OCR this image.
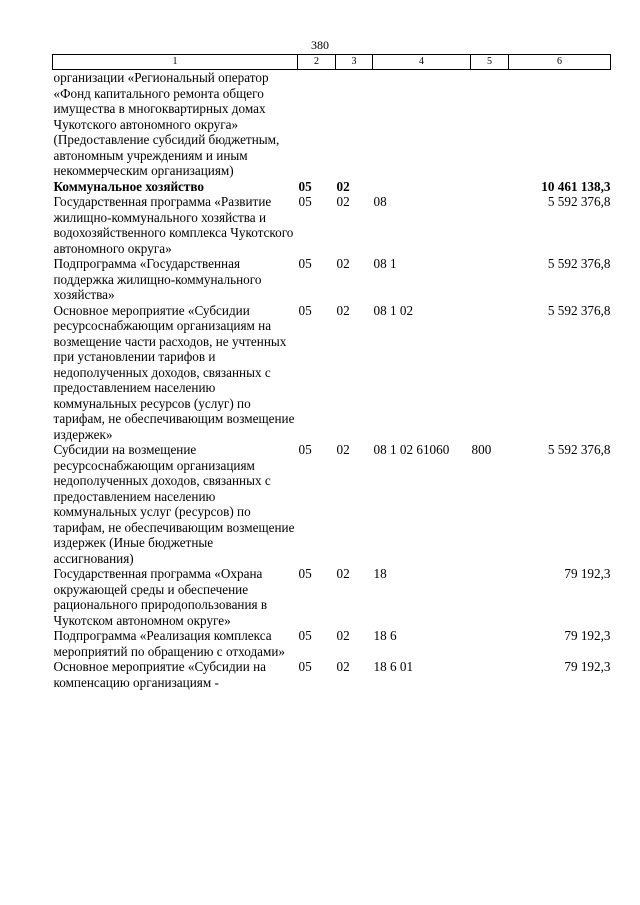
380
1	2	3	4	5	6
организации «Региональный оператор «Фонд капитального ремонта общего имущества в многоквартирных домах Чукотского автономного округа» (Предоставление субсидий бюджетным, автономным учреждениям и иным некоммерческим организациям)					
Коммунальное хозяйство	05	02			10 461 138,3
Государственная программа «Развитие жилищно-коммунального хозяйства и водохозяйственного комплекса Чукотского автономного округа»	05	02	08		5 592 376,8
Подпрограмма «Государственная поддержка жилищно-коммунального хозяйства»	05	02	08 1		5 592 376,8
Основное мероприятие «Субсидии ресурсоснабжающим организациям на возмещение части расходов, не учтенных при установлении тарифов и недополученных доходов, связанных с предоставлением населению коммунальных ресурсов (услуг) по тарифам, не обеспечивающим возмещение издержек»	05	02	08 1 02		5 592 376,8
Субсидии на возмещение ресурсоснабжающим организациям недополученных доходов, связанных с предоставлением населению коммунальных услуг (ресурсов) по тарифам, не обеспечивающим возмещение издержек (Иные бюджетные ассигнования)	05	02	08 1 02 61060	800	5 592 376,8
Государственная программа «Охрана окружающей среды и обеспечение рационального природопользования в Чукотском автономном округе»	05	02	18		79 192,3
Подпрограмма «Реализация комплекса мероприятий по обращению с отходами»	05	02	18 6		79 192,3
Основное мероприятие «Субсидии на компенсацию организациям -	05	02	18 6 01		79 192,3
